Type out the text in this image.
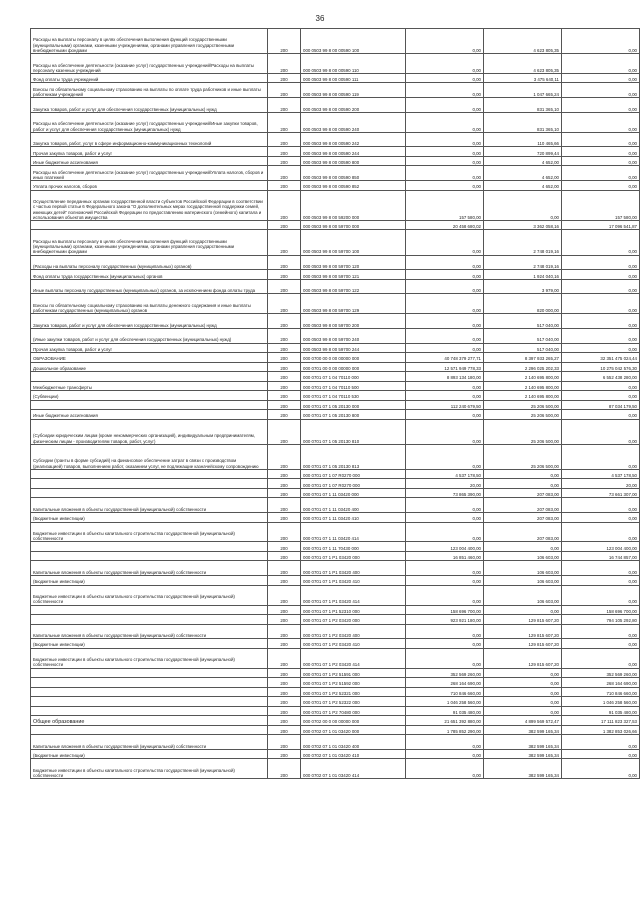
36
Расходы на выплаты персоналу в целях обеспечения выполнения функций государственными (муниципальными) органами, казенными учреждениями, органами управления государственными внебюджетными фондами	200	000 0503 99 8 00 00590 100	0,00	4 623 805,35	0,00
Расходы на обеспечение деятельности (оказание услуг) государственных учреждений/Расходы на выплаты персоналу казенных учреждений	200	000 0503 99 8 00 00590 110	0,00	4 623 805,35	0,00
Фонд оплаты труда учреждений	200	000 0503 99 8 00 00590 111	0,00	3 475 640,11	0,00
Взносы по обязательному социальному страхованию на выплаты по оплате труда работников и иные выплаты работникам учреждений	200	000 0503 99 8 00 00590 119	0,00	1 047 665,24	0,00
Закупка товаров, работ и услуг для обеспечения государственных (муниципальных) нужд	200	000 0503 99 8 00 00590 200	0,00	831 365,10	0,00
Расходы на обеспечение деятельности (оказание услуг) государственных учреждений/Иные закупки товаров, работ и услуг для обеспечения государственных (муниципальных) нужд	200	000 0503 99 8 00 00590 240	0,00	831 365,10	0,00
Закупка товаров, работ, услуг в сфере информационно-коммуникационных технологий	200	000 0503 99 8 00 00590 242	0,00	110 465,66	0,00
Прочая закупка товаров, работ и услуг	200	000 0503 99 8 00 00590 244	0,00	720 899,44	0,00
Иные бюджетные ассигнования	200	000 0503 99 8 00 00590 800	0,00	4 652,00	0,00
Расходы на обеспечение деятельности (оказание услуг) государственных учреждений/Уплата налогов, сборов и иных платежей	200	000 0503 99 8 00 00590 850	0,00	4 652,00	0,00
Уплата прочих налогов, сборов	200	000 0503 99 8 00 00590 852	0,00	4 652,00	0,00
Осуществление переданных органам государственной власти субъектов Российской Федерации в соответствии с частью первой статьи 6 Федерального закона "О дополнительных мерах государственной поддержки семей, имеющих детей" полномочий Российской Федерации по предоставлению материнского (семейного) капитала и использования объектов имущества	200	000 0503 99 8 00 59200 000	157 580,00	0,00	157 580,00
	200	000 0503 99 8 00 59700 000	20 458 680,02	3 362 058,16	17 096 541,87
Расходы на выплаты персоналу в целях обеспечения выполнения функций государственными (муниципальными) органами, казенными учреждениями, органами управления государственными внебюджетными фондами	200	000 0503 99 8 00 59700 100	0,00	2 748 019,16	0,00
(Расходы на выплаты персоналу государственных (муниципальных) органов)	200	000 0503 99 8 00 59700 120	0,00	2 748 019,16	0,00
Фонд оплаты труда государственных (муниципальных) органов	200	000 0503 99 8 00 59700 121	0,00	1 924 040,16	0,00
Иные выплаты персоналу государственных (муниципальных) органов, за исключением фонда оплаты труда	200	000 0503 99 8 00 59700 122	0,00	3 979,00	0,00
Взносы по обязательному социальному страхованию на выплаты денежного содержания и иные выплаты работникам государственных (муниципальных) органов	200	000 0503 99 8 00 59700 129	0,00	820 000,00	0,00
Закупка товаров, работ и услуг для обеспечения государственных (муниципальных) нужд	200	000 0503 99 8 00 59700 200	0,00	517 040,00	0,00
(Иные закупки товаров, работ и услуг для обеспечения государственных (муниципальных) нужд)	200	000 0503 99 8 00 59700 240	0,00	517 040,00	0,00
Прочая закупка товаров, работ и услуг	200	000 0503 99 8 00 59700 244	0,00	517 040,00	0,00
ОБРАЗОВАНИЕ	200	000 0700 00 0 00 00000 000	40 748 379 277,71	8 397 933 265,27	32 351 475 024,44
Дошкольное образование	200	000 0701 00 0 00 00000 000	12 571 949 778,33	2 296 025 202,33	10 275 042 576,30
	200	000 0701 07 1 04 70110 000	8 893 134 180,00	2 140 695 800,00	6 552 438 280,00
Межбюджетные трансферты	200	000 0701 07 1 04 70110 500	0,00	2 140 695 800,00	0,00
(Субвенции)	200	000 0701 07 1 04 70110 530	0,00	2 140 695 800,00	0,00
	200	000 0701 07 1 05 20130 000	112 240 679,50	25 206 500,00	87 034 179,50
Иные бюджетные ассигнования	200	000 0701 07 1 05 20130 800	0,00	25 206 500,00	0,00
(Субсидии юридическим лицам (кроме некоммерческих организаций), индивидуальным предпринимателям, физическим лицам - производителям товаров, работ, услуг)	200	000 0701 07 1 05 20130 810	0,00	25 206 500,00	0,00
Субсидии (гранты в форме субсидий) на финансовое обеспечение затрат в связи с производством (реализацией) товаров, выполнением работ, оказанием услуг, не подлежащие казначейскому сопровождению	200	000 0701 07 1 05 20130 813	0,00	25 206 500,00	0,00
	200	000 0701 07 1 07 R0270 000	4 537 178,50	0,00	4 537 178,50
	200	000 0701 07 1 07 R0270 000	20,00	0,00	20,00
	200	000 0701 07 1 11 03420 000	73 865 390,00	207 083,00	73 661 307,00
Капитальные вложения в объекты государственной (муниципальной) собственности	200	000 0701 07 1 11 03420 400	0,00	207 083,00	0,00
(Бюджетные инвестиции)	200	000 0701 07 1 11 03420 410	0,00	207 083,00	0,00
Бюджетные инвестиции в объекты капитального строительства государственной (муниципальной) собственности	200	000 0701 07 1 11 03420 414	0,00	207 083,00	0,00
	200	000 0701 07 1 11 70430 000	123 004 400,00	0,00	123 004 400,00
	200	000 0701 07 1 P1 03420 000	16 851 460,00	106 603,00	16 744 857,00
Капитальные вложения в объекты государственной (муниципальной) собственности	200	000 0701 07 1 P1 03420 400	0,00	106 603,00	0,00
(Бюджетные инвестиции)	200	000 0701 07 1 P1 03420 410	0,00	106 603,00	0,00
Бюджетные инвестиции в объекты капитального строительства государственной (муниципальной) собственности	200	000 0701 07 1 P1 03420 414	0,00	106 603,00	0,00
	200	000 0701 07 1 P1 52310 000	158 696 700,00	0,00	158 696 700,00
	200	000 0701 07 1 P2 03420 000	923 921 180,00	129 815 607,20	794 105 292,80
Капитальные вложения в объекты государственной (муниципальной) собственности	200	000 0701 07 1 P2 03420 400	0,00	129 815 607,20	0,00
(Бюджетные инвестиции)	200	000 0701 07 1 P2 03420 410	0,00	129 815 607,20	0,00
Бюджетные инвестиции в объекты капитального строительства государственной (муниципальной) собственности	200	000 0701 07 1 P2 03420 414	0,00	129 815 607,20	0,00
	200	000 0701 07 1 P2 51591 000	352 569 260,00	0,00	352 569 260,00
	200	000 0701 07 1 P2 51592 000	268 164 690,00	0,00	268 164 690,00
	200	000 0701 07 1 P2 52321 000	710 846 660,00	0,00	710 846 660,00
	200	000 0701 07 1 P2 52322 000	1 046 258 560,00	0,00	1 046 258 560,00
	200	000 0701 07 1 P2 70480 000	91 035 480,00	0,00	91 035 480,00
Общее образование	200	000 0702 00 0 00 00000 000	21 651 392 880,00	4 899 569 572,47	17 111 823 327,53
	200	000 0702 07 1 01 03420 000	1 785 852 290,00	382 599 165,34	1 382 853 026,66
Капитальные вложения в объекты государственной (муниципальной) собственности	200	000 0702 07 1 01 03420 400	0,00	382 599 165,34	0,00
(Бюджетные инвестиции)	200	000 0702 07 1 01 03420 410	0,00	382 599 165,34	0,00
Бюджетные инвестиции в объекты капитального строительства государственной (муниципальной) собственности	200	000 0702 07 1 01 03420 414	0,00	382 599 165,34	0,00
